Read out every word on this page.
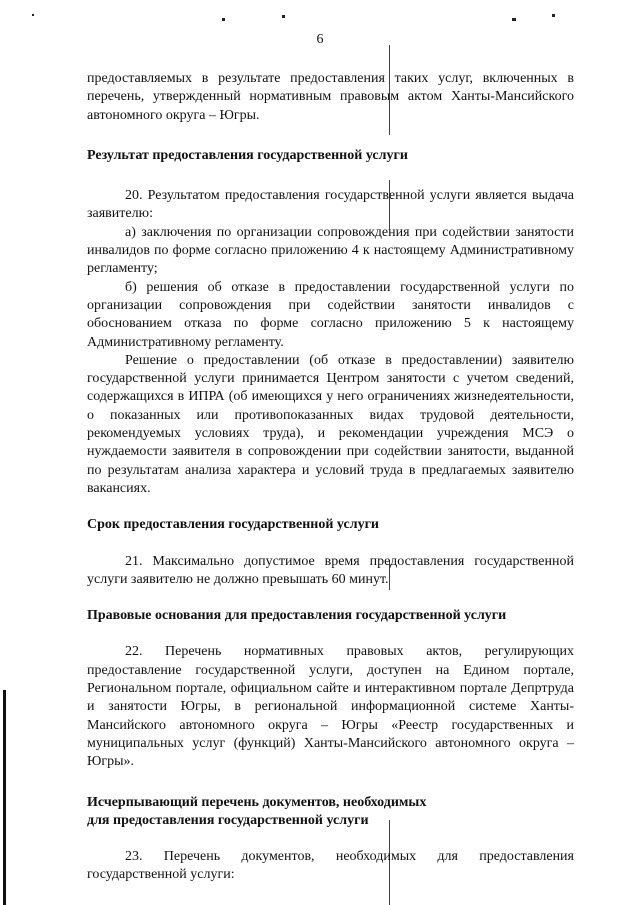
6

предоставляемых в результате предоставления таких услуг, включенных в перечень, утвержденный нормативным правовым актом Ханты-Мансийского автономного округа – Югры.

Результат предоставления государственной услуги

20. Результатом предоставления государственной услуги является выдача заявителю:

а) заключения по организации сопровождения при содействии занятости инвалидов по форме согласно приложению 4 к настоящему Административному регламенту;

б) решения об отказе в предоставлении государственной услуги по организации сопровождения при содействии занятости инвалидов с обоснованием отказа по форме согласно приложению 5 к настоящему Административному регламенту.

Решение о предоставлении (об отказе в предоставлении) заявителю государственной услуги принимается Центром занятости с учетом сведений, содержащихся в ИПРА (об имеющихся у него ограничениях жизнедеятельности, о показанных или противопоказанных видах трудовой деятельности, рекомендуемых условиях труда), и рекомендации учреждения МСЭ о нуждаемости заявителя в сопровождении при содействии занятости, выданной по результатам анализа характера и условий труда в предлагаемых заявителю вакансиях.

Срок предоставления государственной услуги

21. Максимально допустимое время предоставления государственной услуги заявителю не должно превышать 60 минут.

Правовые основания для предоставления государственной услуги

22. Перечень нормативных правовых актов, регулирующих предоставление государственной услуги, доступен на Едином портале, Региональном портале, официальном сайте и интерактивном портале Депртруда и занятости Югры, в региональной информационной системе Ханты-Мансийского автономного округа – Югры «Реестр государственных и муниципальных услуг (функций) Ханты-Мансийского автономного округа – Югры».

Исчерпывающий перечень документов, необходимых

для предоставления государственной услуги

23. Перечень документов, необходимых для предоставления государственной услуги:
